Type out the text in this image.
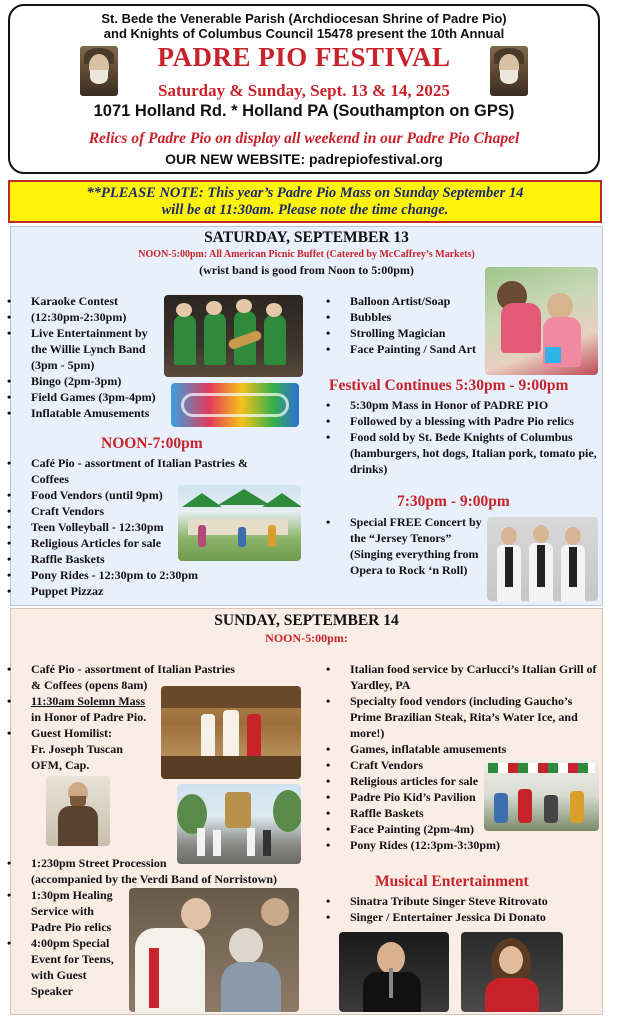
St. Bede the Venerable Parish (Archdiocesan Shrine of Padre Pio)
and Knights of Columbus Council 15478 present the 10th Annual
PADRE PIO FESTIVAL
Saturday & Sunday, Sept. 13 & 14, 2025
1071 Holland Rd. * Holland PA (Southampton on GPS)
Relics of Padre Pio on display all weekend in our Padre Pio Chapel
OUR NEW WEBSITE: padrepiofestival.org
**PLEASE NOTE: This year’s Padre Pio Mass on Sunday September 14
will be at 11:30am. Please note the time change.
SATURDAY, SEPTEMBER 13
NOON-5:00pm: All American Picnic Buffet (Catered by McCaffrey’s Markets)
(wrist band is good from Noon to 5:00pm)
• Karaoke Contest
• (12:30pm-2:30pm)
• Live Entertainment by
the Willie Lynch Band
(3pm - 5pm)
• Bingo (2pm-3pm)
• Field Games (3pm-4pm)
• Inflatable Amusements
NOON-7:00pm
• Café Pio - assortment of Italian Pastries &
Coffees
• Food Vendors (until 9pm)
• Craft Vendors
• Teen Volleyball - 12:30pm
• Religious Articles for sale
• Raffle Baskets
• Pony Rides - 12:30pm to 2:30pm
• Puppet Pizzaz
• Balloon Artist/Soap
• Bubbles
• Strolling Magician
• Face Painting / Sand Art
Festival Continues 5:30pm - 9:00pm
• 5:30pm Mass in Honor of PADRE PIO
• Followed by a blessing with Padre Pio relics
• Food sold by St. Bede Knights of Columbus
(hamburgers, hot dogs, Italian pork, tomato pie,
drinks)
7:30pm - 9:00pm
• Special FREE Concert by
the “Jersey Tenors”
(Singing everything from
Opera to Rock ‘n Roll)
SUNDAY, SEPTEMBER 14
NOON-5:00pm:
• Café Pio - assortment of Italian Pastries
& Coffees (opens 8am)
• 11:30am Solemn Mass
in Honor of Padre Pio.
• Guest Homilist:
Fr. Joseph Tuscan
OFM, Cap.
• 1:230pm Street Procession
(accompanied by the Verdi Band of Norristown)
• 1:30pm Healing
Service with
Padre Pio relics
• 4:00pm Special
Event for Teens,
with Guest
Speaker
• Italian food service by Carlucci’s Italian Grill of
Yardley, PA
• Specialty food vendors (including Gaucho’s
Prime Brazilian Steak, Rita’s Water Ice, and
more!)
• Games, inflatable amusements
• Craft Vendors
• Religious articles for sale
• Padre Pio Kid’s Pavilion
• Raffle Baskets
• Face Painting (2pm-4m)
• Pony Rides (12:3pm-3:30pm)
Musical Entertainment
• Sinatra Tribute Singer Steve Ritrovato
• Singer / Entertainer Jessica Di Donato
